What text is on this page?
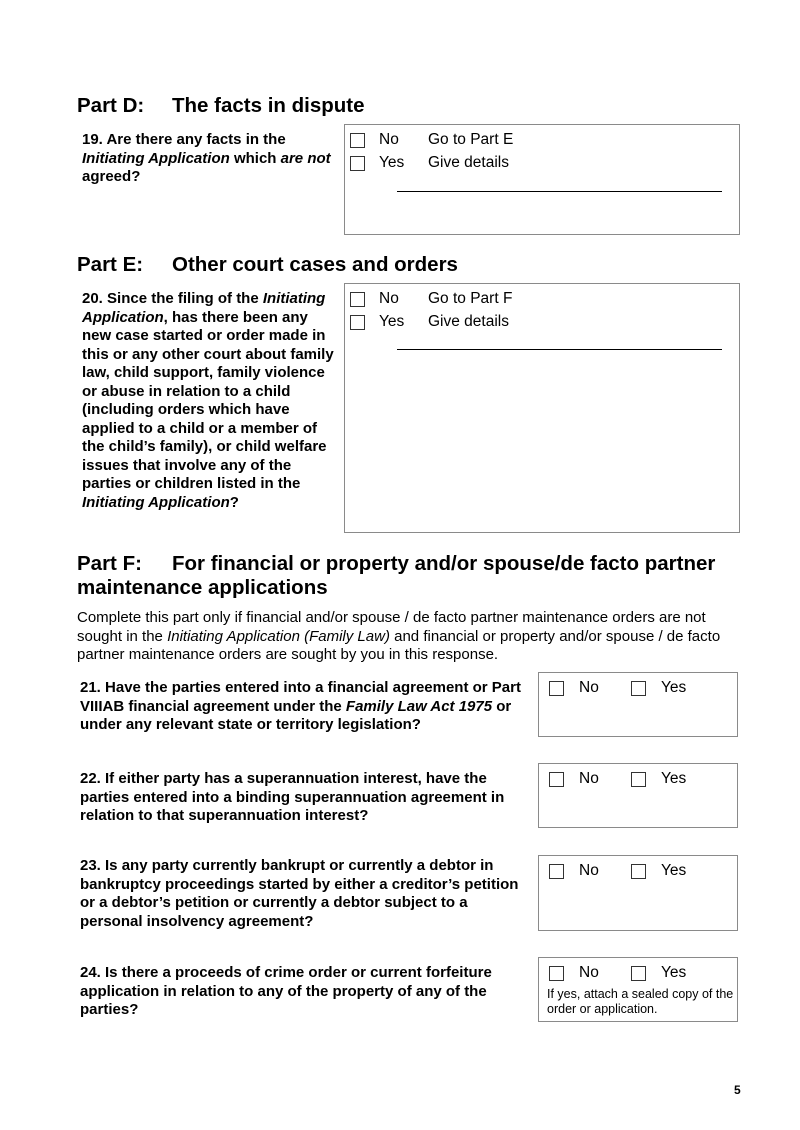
Part D: The facts in dispute
19. Are there any facts in the Initiating Application which are not agreed?
No	Go to Part E
Yes	Give details
Part E: Other court cases and orders
20. Since the filing of the Initiating Application, has there been any new case started or order made in this or any other court about family law, child support, family violence or abuse in relation to a child (including orders which have applied to a child or a member of the child’s family), or child welfare issues that involve any of the parties or children listed in the Initiating Application?
No	Go to Part F
Yes	Give details
Part F: For financial or property and/or spouse/de facto partner maintenance applications
Complete this part only if financial and/or spouse / de facto partner maintenance orders are not sought in the Initiating Application (Family Law) and financial or property and/or spouse / de facto partner maintenance orders are sought by you in this response.
21. Have the parties entered into a financial agreement or Part VIIIAB financial agreement under the Family Law Act 1975 or under any relevant state or territory legislation?
No	Yes
22. If either party has a superannuation interest, have the parties entered into a binding superannuation agreement in relation to that superannuation interest?
No	Yes
23. Is any party currently bankrupt or currently a debtor in bankruptcy proceedings started by either a creditor’s petition or a debtor’s petition or currently a debtor subject to a personal insolvency agreement?
No	Yes
24. Is there a proceeds of crime order or current forfeiture application in relation to any of the property of any of the parties?
No	Yes
If yes, attach a sealed copy of the order or application.
5
